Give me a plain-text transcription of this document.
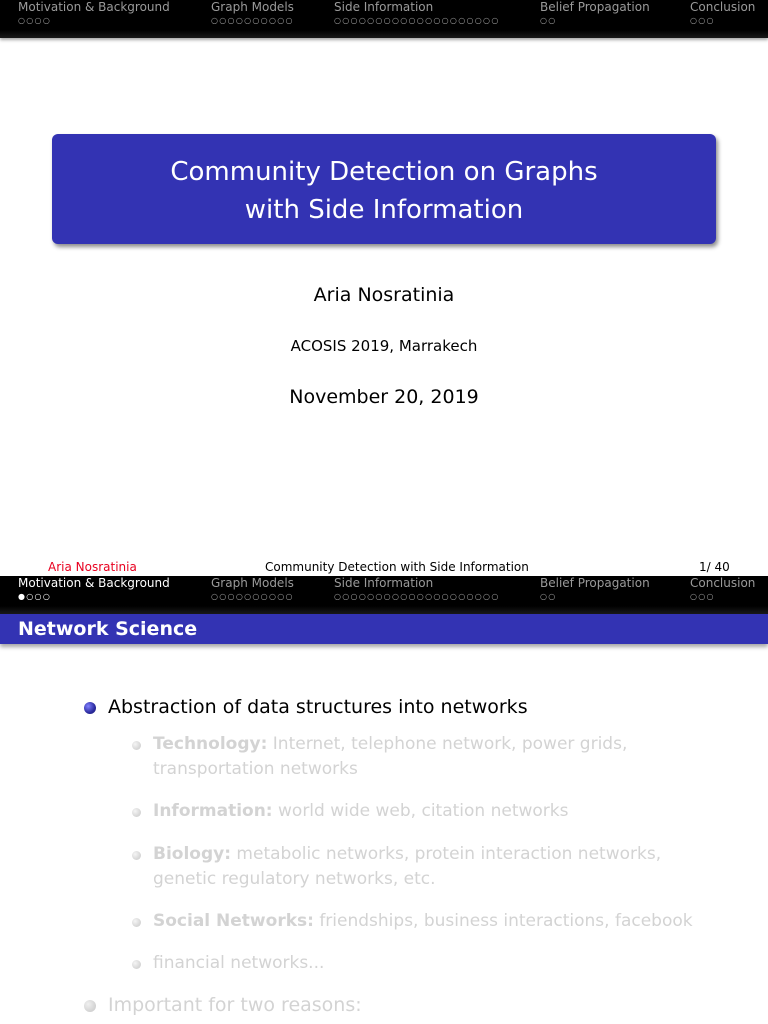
Motivation & Background
○○○○
Graph Models
○○○○○○○○○○
Side Information
○○○○○○○○○○○○○○○○○○○○
Belief Propagation
○○
Conclusion
○○○
Community Detection on Graphs
with Side Information
Aria Nosratinia
ACOSIS 2019, Marrakech
November 20, 2019
Aria Nosratinia	Community Detection with Side Information	1/ 40
Motivation & Background
●○○○
Graph Models
○○○○○○○○○○
Side Information
○○○○○○○○○○○○○○○○○○○○
Belief Propagation
○○
Conclusion
○○○
Network Science
Abstraction of data structures into networks
Technology: Internet, telephone network, power grids, transportation networks
Information: world wide web, citation networks
Biology: metabolic networks, protein interaction networks, genetic regulatory networks, etc.
Social Networks: friendships, business interactions, facebook
financial networks...
Important for two reasons:
